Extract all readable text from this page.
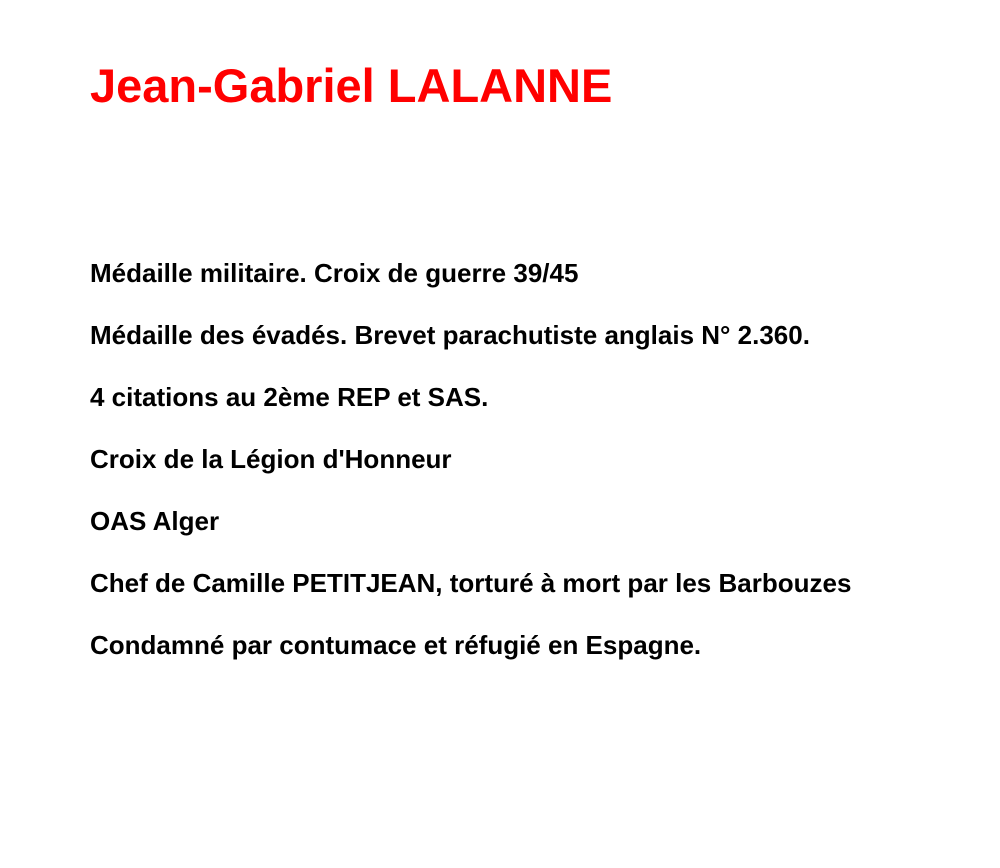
Jean-Gabriel LALANNE
Médaille militaire. Croix de guerre 39/45
Médaille des évadés. Brevet parachutiste anglais N° 2.360.
4 citations au 2ème REP et SAS.
Croix de la Légion d'Honneur
OAS Alger
Chef de Camille PETITJEAN, torturé à mort par les Barbouzes
Condamné par contumace et réfugié en Espagne.
